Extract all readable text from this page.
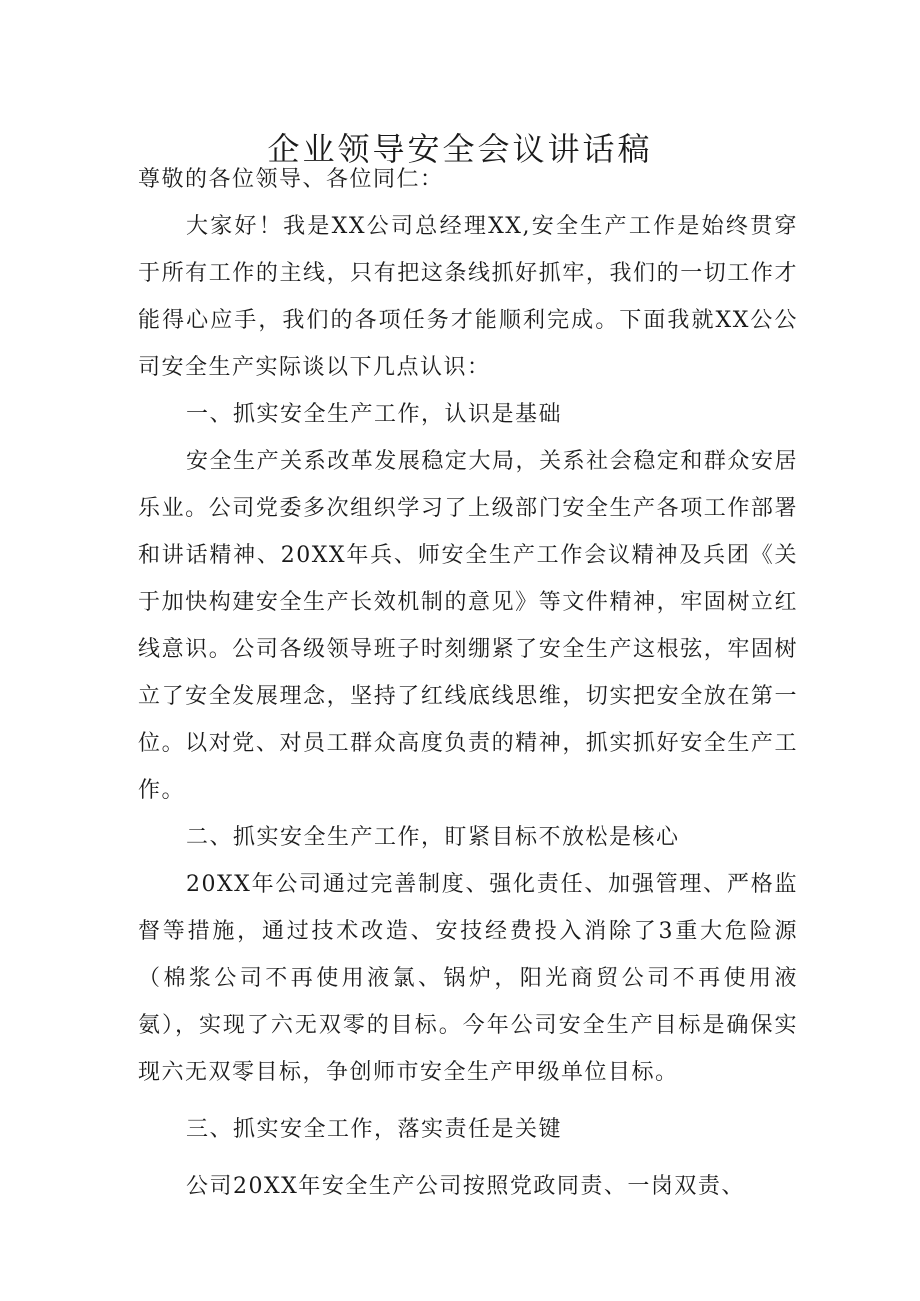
企业领导安全会议讲话稿

尊敬的各位领导、各位同仁：

大家好！我是XX公司总经理XX,安全生产工作是始终贯穿于所有工作的主线，只有把这条线抓好抓牢，我们的一切工作才能得心应手，我们的各项任务才能顺利完成。下面我就XX公公司安全生产实际谈以下几点认识：

一、抓实安全生产工作，认识是基础

安全生产关系改革发展稳定大局，关系社会稳定和群众安居乐业。公司党委多次组织学习了上级部门安全生产各项工作部署和讲话精神、20XX年兵、师安全生产工作会议精神及兵团《关于加快构建安全生产长效机制的意见》等文件精神，牢固树立红线意识。公司各级领导班子时刻绷紧了安全生产这根弦，牢固树立了安全发展理念，坚持了红线底线思维，切实把安全放在第一位。以对党、对员工群众高度负责的精神，抓实抓好安全生产工作。

二、抓实安全生产工作，盯紧目标不放松是核心

20XX年公司通过完善制度、强化责任、加强管理、严格监督等措施，通过技术改造、安技经费投入消除了3重大危险源（棉浆公司不再使用液氯、锅炉，阳光商贸公司不再使用液氨），实现了六无双零的目标。今年公司安全生产目标是确保实现六无双零目标，争创师市安全生产甲级单位目标。

三、抓实安全工作，落实责任是关键

公司20XX年安全生产公司按照党政同责、一岗双责、
